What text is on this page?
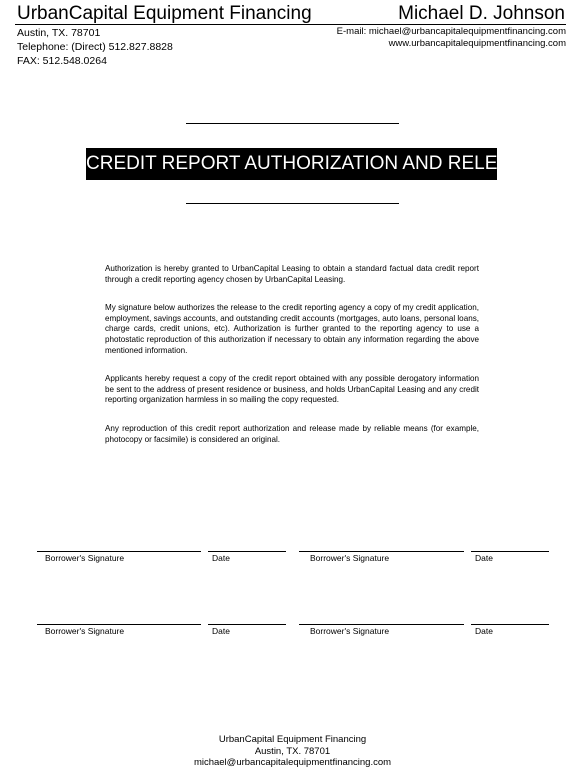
UrbanCapital Equipment Financing	Michael D. Johnson
Austin, TX. 78701
Telephone: (Direct) 512.827.8828
FAX: 512.548.0264
E-mail: michael@urbancapitalequipmentfinancing.com
www.urbancapitalequipmentfinancing.com
CREDIT REPORT AUTHORIZATION AND RELEASE

Authorization is hereby granted to UrbanCapital Leasing to obtain a standard factual data credit report through a credit reporting agency chosen by UrbanCapital Leasing.

My signature below authorizes the release to the credit reporting agency a copy of my credit application, employment, savings accounts, and outstanding credit accounts (mortgages, auto loans, personal loans, charge cards, credit unions, etc). Authorization is further granted to the reporting agency to use a photostatic reproduction of this authorization if necessary to obtain any information regarding the above mentioned information.

Applicants hereby request a copy of the credit report obtained with any possible derogatory information be sent to the address of present residence or business, and holds UrbanCapital Leasing and any credit reporting organization harmless in so mailing the copy requested.

Any reproduction of this credit report authorization and release made by reliable means (for example, photocopy or facsimile) is considered an original.

Borrower's Signature	Date	Borrower's Signature	Date
Borrower's Signature	Date	Borrower's Signature	Date
UrbanCapital Equipment Financing
Austin, TX. 78701
michael@urbancapitalequipmentfinancing.com
